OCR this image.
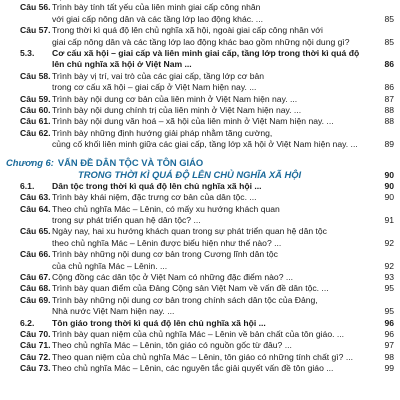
Câu 56.Trình bày tính tất yếu của liên minh giai cấp công nhân
với giai cấp nông dân và các tầng lớp lao động khác. ...	85
Câu 57.Trong thời kì quá độ lên chủ nghĩa xã hội, ngoài giai cấp công nhân với
giai cấp nông dân và các tầng lớp lao động khác bao gồm những nội dung gì?	85
5.3. Cơ cấu xã hội – giai cấp và liên minh giai cấp, tầng lớp trong thời kì quá độ
lên chủ nghĩa xã hội ở Việt Nam ...	86
Câu 58.Trình bày vị trí, vai trò của các giai cấp, tầng lớp cơ bản
trong cơ cấu xã hội – giai cấp ở Việt Nam hiện nay. ...	86
Câu 59.Trình bày nội dung cơ bản của liên minh ở Việt Nam hiện nay. ...	87
Câu 60.Trình bày nội dung chính trị của liên minh ở Việt Nam hiện nay. ...	88
Câu 61.Trình bày nội dung văn hoá – xã hội của liên minh ở Việt Nam hiện nay. ...	88
Câu 62.Trình bày những định hướng giải pháp nhằm tăng cường,
củng cố khối liên minh giữa các giai cấp, tầng lớp xã hội ở Việt Nam hiện nay. ...	89
Chương 6: VẤN ĐỀ DÂN TỘC VÀ TÔN GIÁO
TRONG THỜI KÌ QUÁ ĐỘ LÊN CHỦ NGHĨA XÃ HỘI	90
6.1. Dân tộc trong thời kì quá độ lên chủ nghĩa xã hội ...	90
Câu 63.Trình bày khái niệm, đặc trưng cơ bản của dân tộc. ...	90
Câu 64.Theo chủ nghĩa Mác – Lênin, có mấy xu hướng khách quan
trong sự phát triển quan hệ dân tộc? ...	91
Câu 65.Ngày nay, hai xu hướng khách quan trong sự phát triển quan hệ dân tộc
theo chủ nghĩa Mác – Lênin được biểu hiện như thế nào? ...	92
Câu 66.Trình bày những nội dung cơ bản trong Cương lĩnh dân tộc
của chủ nghĩa Mác – Lênin. ...	92
Câu 67.Cộng đồng các dân tộc ở Việt Nam có những đặc điểm nào? ...	93
Câu 68.Trình bày quan điểm của Đảng Cộng sản Việt Nam về vấn đề dân tộc. ...	95
Câu 69.Trình bày những nội dung cơ bản trong chính sách dân tộc của Đảng,
Nhà nước Việt Nam hiện nay. ...	95
6.2. Tôn giáo trong thời kì quá độ lên chủ nghĩa xã hội ...	96
Câu 70.Trình bày quan niệm của chủ nghĩa Mác – Lênin về bản chất của tôn giáo. ...	96
Câu 71.Theo chủ nghĩa Mác – Lênin, tôn giáo có nguồn gốc từ đâu? ...	97
Câu 72.Theo quan niệm của chủ nghĩa Mác – Lênin, tôn giáo có những tính chất gì? ...	98
Câu 73.Theo chủ nghĩa Mác – Lênin, các nguyên tắc giải quyết vấn đề tôn giáo ...	99
